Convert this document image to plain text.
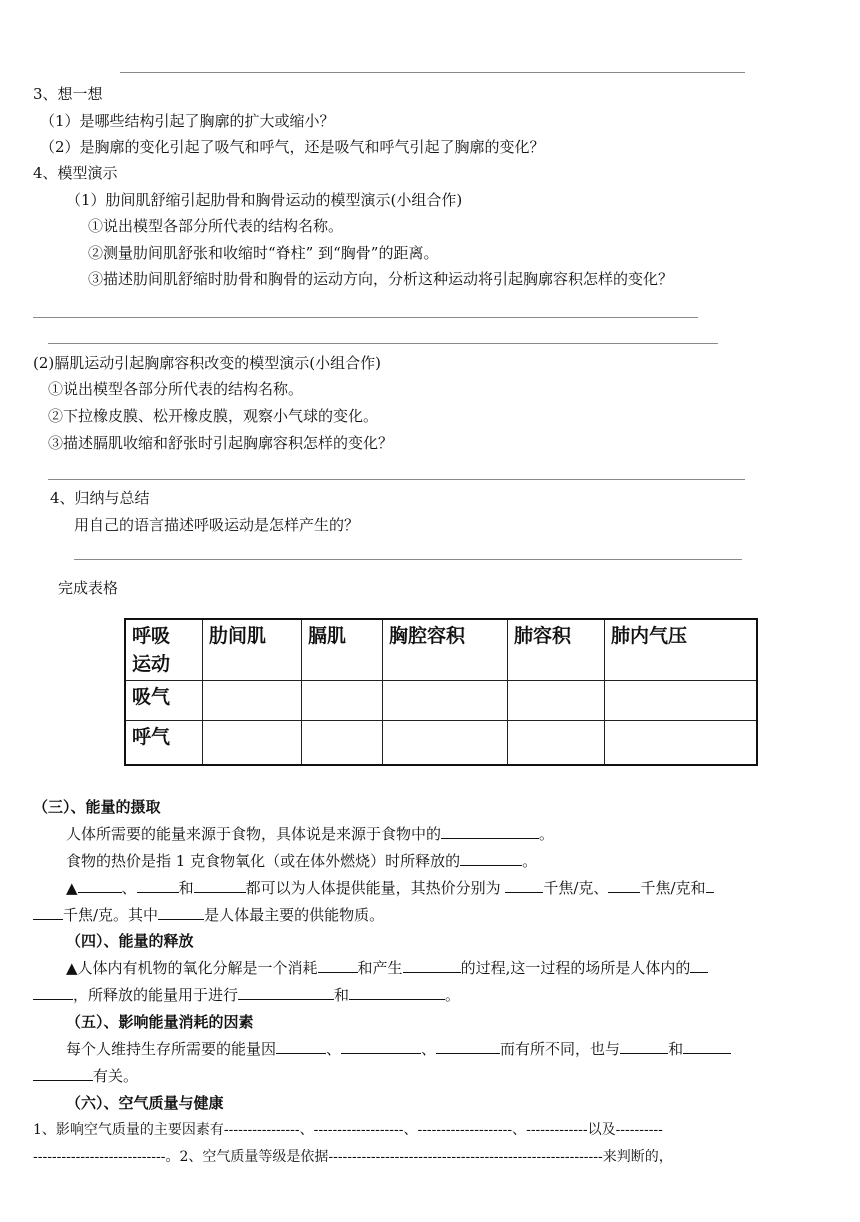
3、想一想
（1）是哪些结构引起了胸廓的扩大或缩小？
（2）是胸廓的变化引起了吸气和呼气，还是吸气和呼气引起了胸廓的变化？
4、模型演示
（1）肋间肌舒缩引起肋骨和胸骨运动的模型演示(小组合作)
①说出模型各部分所代表的结构名称。
②测量肋间肌舒张和收缩时“脊柱” 到“胸骨”的距离。
③描述肋间肌舒缩时肋骨和胸骨的运动方向，分析这种运动将引起胸廓容积怎样的变化？
(2)膈肌运动引起胸廓容积改变的模型演示(小组合作)
①说出模型各部分所代表的结构名称。
②下拉橡皮膜、松开橡皮膜，观察小气球的变化。
③描述膈肌收缩和舒张时引起胸廓容积怎样的变化？
4、归纳与总结
用自己的语言描述呼吸运动是怎样产生的？
完成表格
呼吸
运动	肋间肌	膈肌	胸腔容积	肺容积	肺内气压
吸气					
呼气					
（三）、能量的摄取
人体所需要的能量来源于食物，具体说是来源于食物中的	。
食物的热价是指 1 克食物氧化（或在体外燃烧）时所释放的	。
▲	、	和	都可以为人体提供能量，其热价分别为	千焦/克、 千焦/克和
千焦/克。其中	是人体最主要的供能物质。
（四）、能量的释放
▲人体内有机物的氧化分解是一个消耗	和产生	的过程,这一过程的场所是人体内的
，所释放的能量用于进行	和	。
（五）、影响能量消耗的因素
每个人维持生存所需要的能量因	、	、	而有所不同，也与	和
有关。
（六）、空气质量与健康
1、影响空气质量的主要因素有----------------、-------------------、--------------------、-------------以及----------
----------------------------。2、空气质量等级是依据----------------------------------------------------------来判断的，
